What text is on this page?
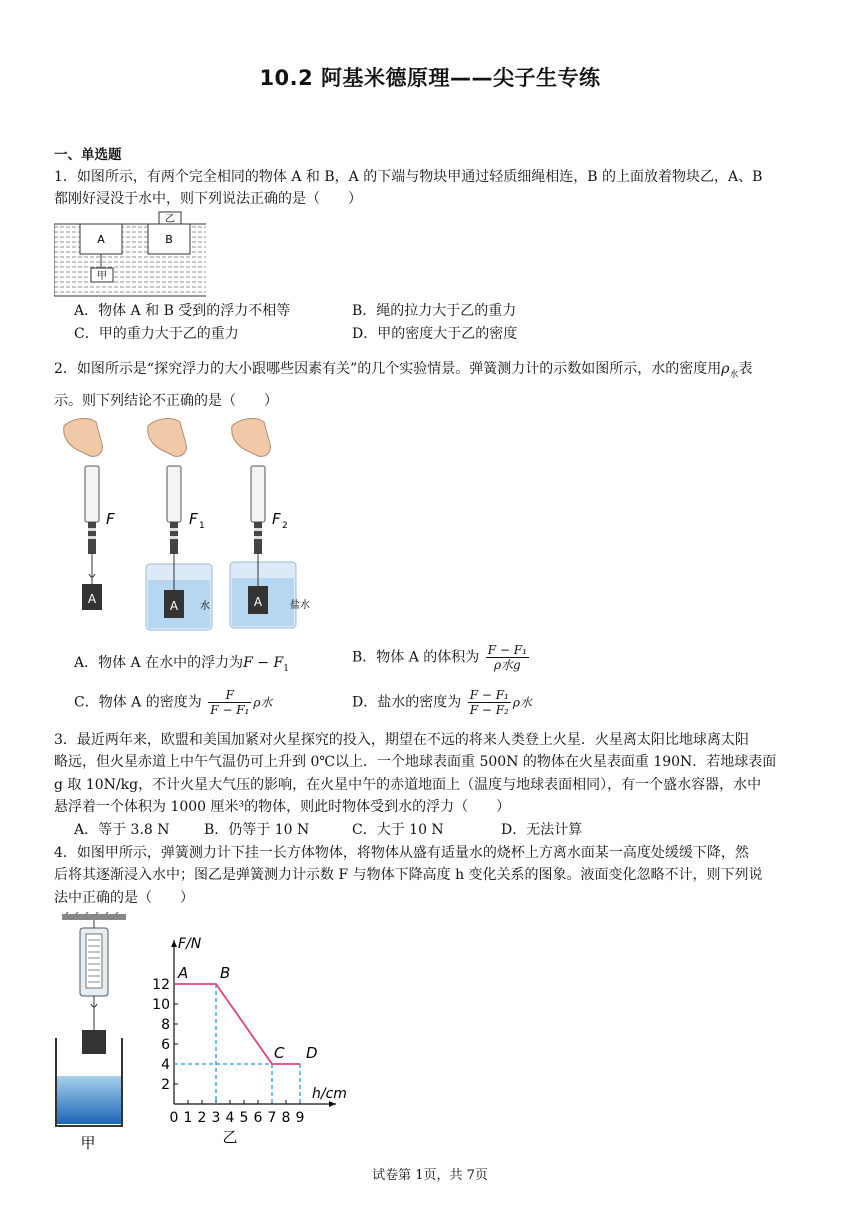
10.2 阿基米德原理——尖子生专练
一、单选题
1．如图所示，有两个完全相同的物体 A 和 B，A 的下端与物块甲通过轻质细绳相连，B 的上面放着物块乙，A、B
都刚好浸没于水中，则下列说法正确的是（　　）
A
甲
B
乙
A．物体 A 和 B 受到的浮力不相等	B．绳的拉力大于乙的重力
C．甲的重力大于乙的重力	D．甲的密度大于乙的密度
2．如图所示是“探究浮力的大小跟哪些因素有关”的几个实验情景。弹簧测力计的示数如图所示，水的密度用$\rho_水$表
示。则下列结论不正确的是（　　）
A
F
A
F 1
水	A
F 2
盐水
A．物体 A 在水中的浮力为$F - F_1$
B．物体 A 的体积为 $\frac{\text{F − F₁}}{\text{ρ水g}}$
C．物体 A 的密度为 $\frac{F}{\text{F − F₁}}$ ρ水	D．盐水的密度为 $\frac{\text{F − F₁}}{\text{F − F₂}}$ ρ水
3．最近两年来，欧盟和美国加紧对火星探究的投入，期望在不远的将来人类登上火星．火星离太阳比地球离太阳
略远，但火星赤道上中午气温仍可上升到 0℃以上．一个地球表面重 500N 的物体在火星表面重 190N．若地球表面
g 取 10N/kg，不计火星大气压的影响，在火星中午的赤道地面上（温度与地球表面相同），有一个盛水容器，水中
悬浮着一个体积为 1000 厘米³的物体，则此时物体受到水的浮力（　　）
A．等于 3.8 N B．仍等于 10 N	C．大于 10 N	D．无法计算
4．如图甲所示，弹簧测力计下挂一长方体物体，将物体从盛有适量水的烧杯上方离水面某一高度处缓缓下降，然
后将其逐渐浸入水中；图乙是弹簧测力计示数 F 与物体下降高度 h 变化关系的图象。液面变化忽略不计，则下列说
法中正确的是（　　）
甲
F/N
h/cm
12
10
8
6
4
2
0 1 2 3 4 5 6 7 8 9
A B
C D
乙
试卷第 1页，共 7页
